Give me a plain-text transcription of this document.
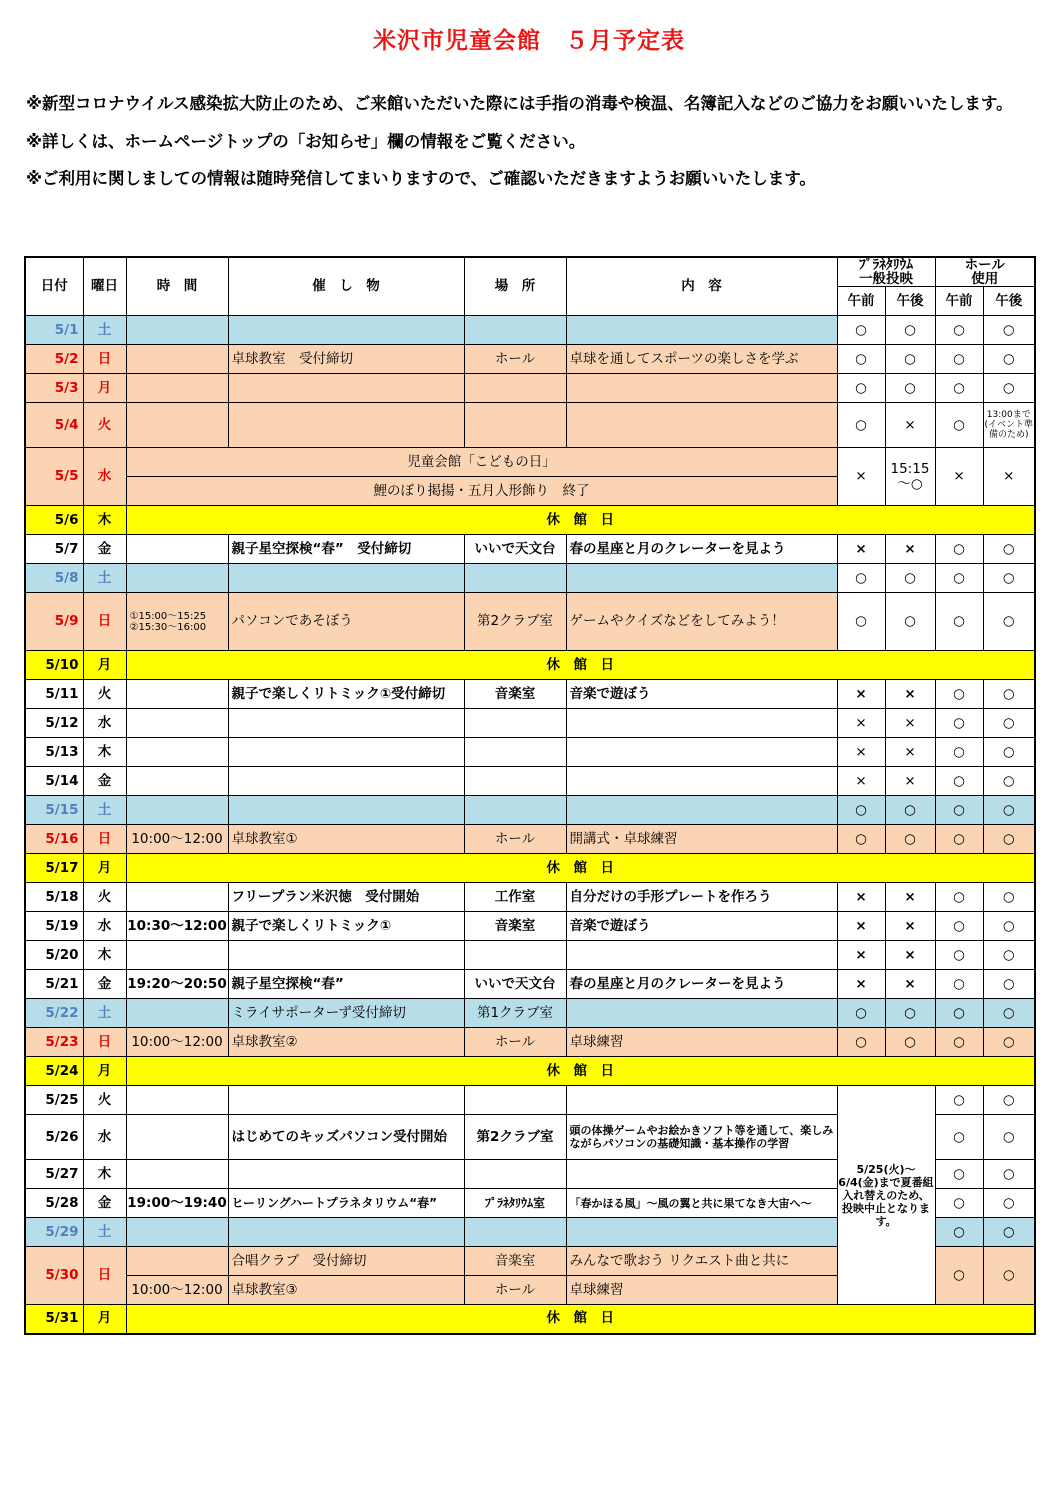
米沢市児童会館　５月予定表

※新型コロナウイルス感染拡大防止のため、ご来館いただいた際には手指の消毒や検温、名簿記入などのご協力をお願いいたします。

※詳しくは、ホームページトップの「お知らせ」欄の情報をご覧ください。

※ご利用に関しましての情報は随時発信してまいりますので、ご確認いただきますようお願いいたします。

日付	曜日	時　間	催　し　物	場　所	内　容	ﾌﾟﾗﾈﾀﾘｳﾑ
一般投映		ホール
使用	
						午前	午後	午前	午後
5/1	土					○	○	○	○
5/2	日		卓球教室　受付締切	ホール	卓球を通してスポーツの楽しさを学ぶ	○	○	○	○
5/3	月					○	○	○	○
5/4	火					○	×	○	13:00まで(イベント準備のため)
5/5	水	児童会館「こどもの日」				×	15:15～○	×	×
		鯉のぼり掲揚・五月人形飾り　終了							
5/6	木	休　館　日							
5/7	金		親子星空探検“春”　受付締切	いいで天文台	春の星座と月のクレーターを見よう	×	×	○	○
5/8	土					○	○	○	○
5/9	日	①15:00～15:25
②15:30～16:00	パソコンであそぼう	第2クラブ室	ゲームやクイズなどをしてみよう！	○	○	○	○
5/10	月	休　館　日							
5/11	火		親子で楽しくリトミック①受付締切	音楽室	音楽で遊ぼう	×	×	○	○
5/12	水					×	×	○	○
5/13	木					×	×	○	○
5/14	金					×	×	○	○
5/15	土					○	○	○	○
5/16	日	10:00～12:00	卓球教室①	ホール	開講式・卓球練習	○	○	○	○
5/17	月	休　館　日							
5/18	火		フリープラン米沢徳　受付開始	工作室	自分だけの手形プレートを作ろう	×	×	○	○
5/19	水	10:30～12:00	親子で楽しくリトミック①	音楽室	音楽で遊ぼう	×	×	○	○
5/20	木					×	×	○	○
5/21	金	19:20～20:50	親子星空探検“春”	いいで天文台	春の星座と月のクレーターを見よう	×	×	○	○
5/22	土		ミライサポーターず受付締切	第1クラブ室		○	○	○	○
5/23	日	10:00～12:00	卓球教室②	ホール	卓球練習	○	○	○	○
5/24	月	休　館　日							
5/25	火					5/25(火)～6/4(金)まで夏番組入れ替えのため、投映中止となります。		○	○
5/26	水		はじめてのキッズパソコン受付開始	第2クラブ室	頭の体操ゲームやお絵かきソフト等を通して、楽しみながらパソコンの基礎知識・基本操作の学習			○	○
5/27	木							○	○
5/28	金	19:00～19:40	ヒーリングハートプラネタリウム“春”	ﾌﾟﾗﾈﾀﾘｳﾑ室	「春かほる風」～風の翼と共に果てなき大宙へ～			○	○
5/29	土							○	○
5/30	日		合唱クラブ　受付締切	音楽室	みんなで歌おう リクエスト曲と共に			○	○
		10:00～12:00	卓球教室③	ホール	卓球練習				
5/31	月	休　館　日							
